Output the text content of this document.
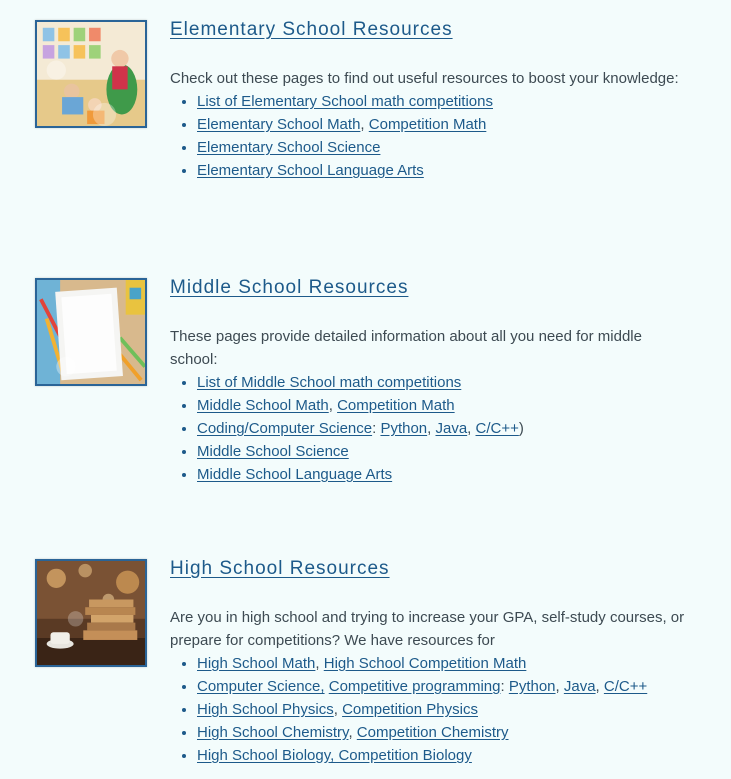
Elementary School Resources

Check out these pages to find out useful resources to boost your knowledge:

• List of Elementary School math competitions
• Elementary School Math, Competition Math
• Elementary School Science
• Elementary School Language Arts
Middle School Resources

These pages provide detailed information about all you need for middle school:

• List of Middle School math competitions
• Middle School Math, Competition Math
• Coding/Computer Science: Python, Java, C/C++)
• Middle School Science
• Middle School Language Arts
High School Resources

Are you in high school and trying to increase your GPA, self-study courses, or prepare for competitions? We have resources for

• High School Math, High School Competition Math
• Computer Science, Competitive programming: Python, Java, C/C++
• High School Physics, Competition Physics
• High School Chemistry, Competition Chemistry
• High School Biology, Competition Biology
